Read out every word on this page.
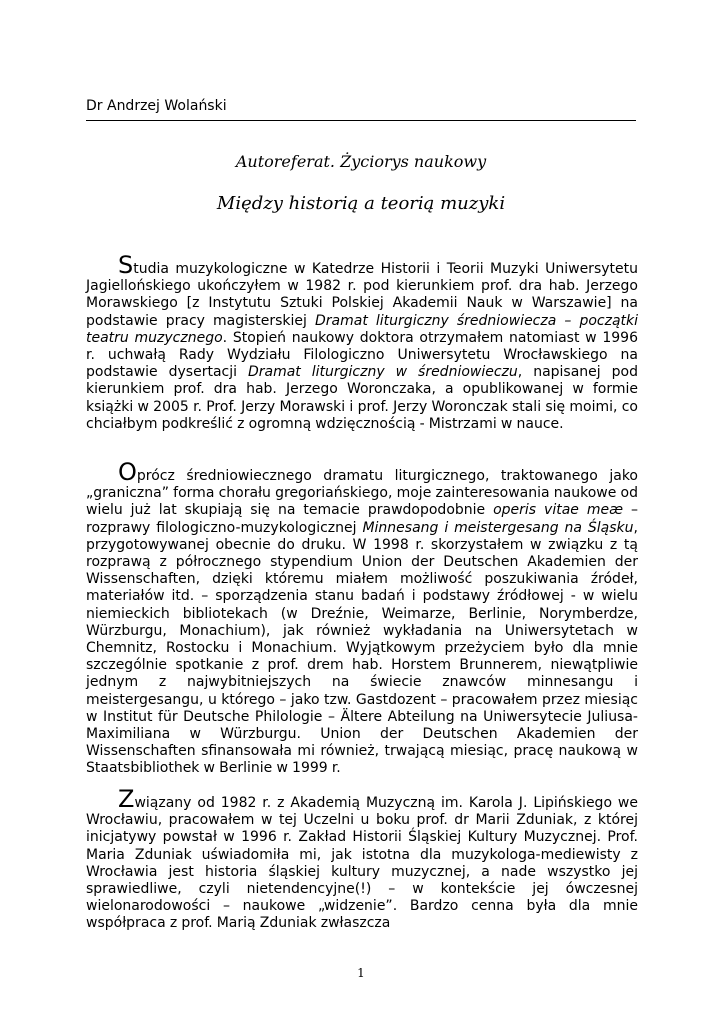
Dr Andrzej Wolański
Autoreferat. Życiorys naukowy
Między historią a teorią muzyki
Studia muzykologiczne w Katedrze Historii i Teorii Muzyki Uniwersytetu Jagiellońskiego ukończyłem w 1982 r. pod kierunkiem prof. dra hab. Jerzego Morawskiego [z Instytutu Sztuki Polskiej Akademii Nauk w Warszawie] na podstawie pracy magisterskiej Dramat liturgiczny średniowiecza – początki teatru muzycznego. Stopień naukowy doktora otrzymałem natomiast w 1996 r. uchwałą Rady Wydziału Filologiczno Uniwersytetu Wrocławskiego na podstawie dysertacji Dramat liturgiczny w średniowieczu, napisanej pod kierunkiem prof. dra hab. Jerzego Woronczaka, a opublikowanej w formie książki w 2005 r. Prof. Jerzy Morawski i prof. Jerzy Woronczak stali się moimi, co chciałbym podkreślić z ogromną wdzięcznością - Mistrzami w nauce.
Oprócz średniowiecznego dramatu liturgicznego, traktowanego jako „graniczna” forma chorału gregoriańskiego, moje zainteresowania naukowe od wielu już lat skupiają się na temacie prawdopodobnie operis vitae meæ – rozprawy filologiczno-muzykologicznej Minnesang i meistergesang na Śląsku, przygotowywanej obecnie do druku. W 1998 r. skorzystałem w związku z tą rozprawą z półrocznego stypendium Union der Deutschen Akademien der Wissenschaften, dzięki któremu miałem możliwość poszukiwania źródeł, materiałów itd. – sporządzenia stanu badań i podstawy źródłowej - w wielu niemieckich bibliotekach (w Dreźnie, Weimarze, Berlinie, Norymberdze, Würzburgu, Monachium), jak również wykładania na Uniwersytetach w Chemnitz, Rostocku i Monachium. Wyjątkowym przeżyciem było dla mnie szczególnie spotkanie z prof. drem hab. Horstem Brunnerem, niewątpliwie jednym z najwybitniejszych na świecie znawców minnesangu i meistergesangu, u którego – jako tzw. Gastdozent – pracowałem przez miesiąc w Institut für Deutsche Philologie – Ältere Abteilung na Uniwersytecie Juliusa-Maximiliana w Würzburgu. Union der Deutschen Akademien der Wissenschaften sfinansowała mi również, trwającą miesiąc, pracę naukową w Staatsbibliothek w Berlinie w 1999 r.
Związany od 1982 r. z Akademią Muzyczną im. Karola J. Lipińskiego we Wrocławiu, pracowałem w tej Uczelni u boku prof. dr Marii Zduniak, z której inicjatywy powstał w 1996 r. Zakład Historii Śląskiej Kultury Muzycznej. Prof. Maria Zduniak uświadomiła mi, jak istotna dla muzykologa-mediewisty z Wrocławia jest historia śląskiej kultury muzycznej, a nade wszystko jej sprawiedliwe, czyli nietendencyjne(!) – w kontekście jej ówczesnej wielonarodowości – naukowe „widzenie”. Bardzo cenna była dla mnie współpraca z prof. Marią Zduniak zwłaszcza
1
